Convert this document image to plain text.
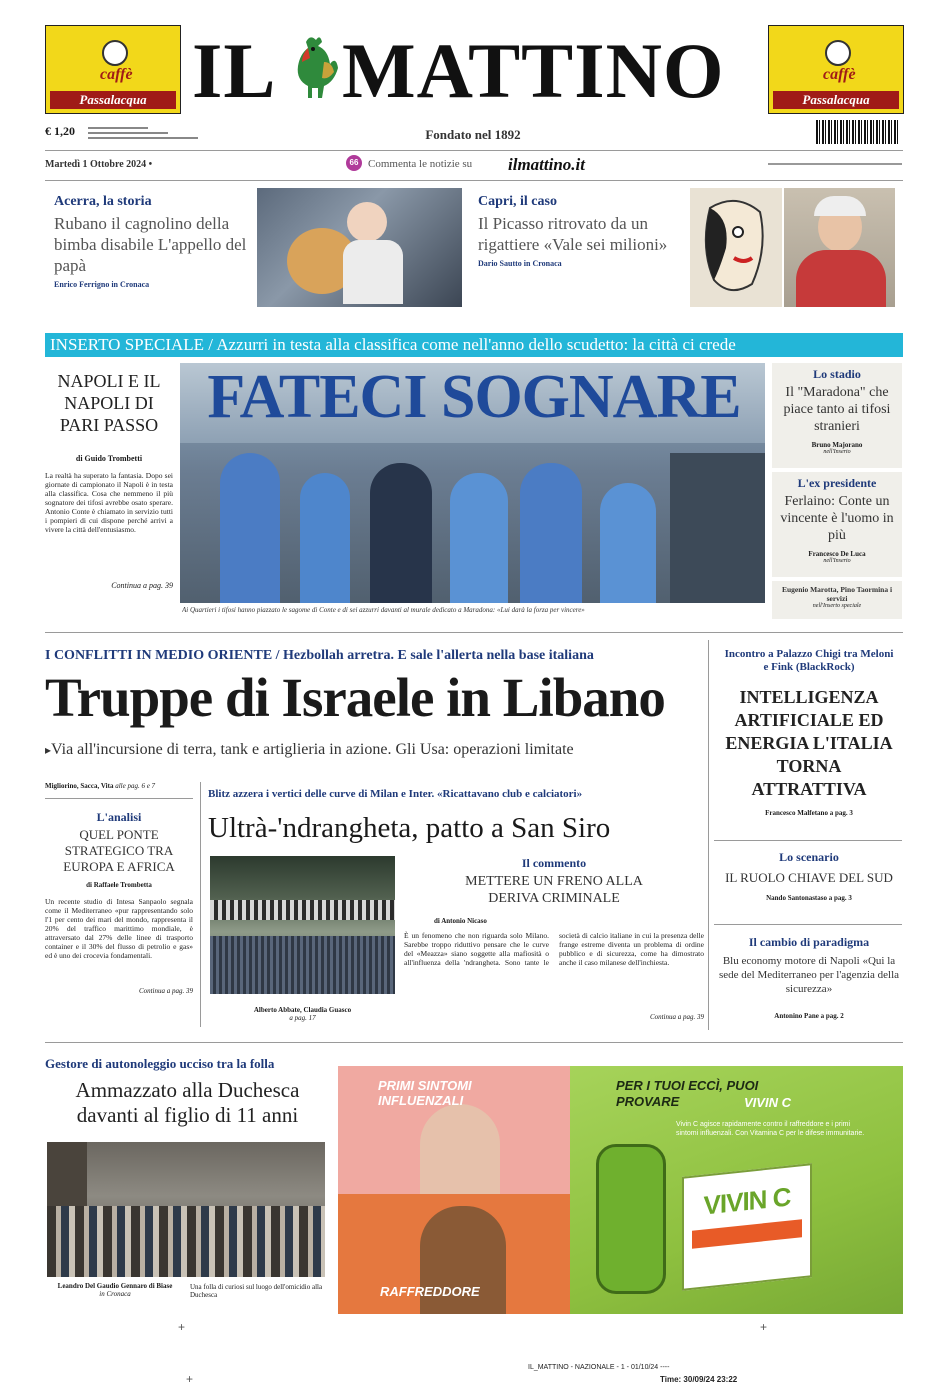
caffè
Passalacqua
caffè
Passalacqua
IL MATTINO
€ 1,20	Fondato nel 1892
Martedì 1 Ottobre 2024 •	66 Commenta le notizie su ilmattino.it
Acerra, la storia
Rubano il cagnolino della bimba disabile L'appello del papà
Enrico Ferrigno in Cronaca
Capri, il caso
Il Picasso ritrovato da un rigattiere «Vale sei milioni»
Dario Sautto in Cronaca
INSERTO SPECIALE / Azzurri in testa alla classifica come nell'anno dello scudetto: la città ci crede
NAPOLI E IL NAPOLI DI PARI PASSO
di Guido Trombetti
La realtà ha superato la fantasia. Dopo sei giornate di campionato il Napoli è in testa alla classifica. Cosa che nemmeno il più sognatore dei tifosi avrebbe osato sperare. Antonio Conte è chiamato in servizio tutti i pompieri di cui dispone perché arrivi a vivere la città dell'entusiasmo.
Continua a pag. 39
FATECI SOGNARE
Ai Quartieri i tifosi hanno piazzato le sagome di Conte e di sei azzurri davanti al murale dedicato a Maradona: «Lui darà la forza per vincere»
Lo stadio
Il "Maradona" che piace tanto ai tifosi stranieri
Bruno Majorano
nell'Inserto
L'ex presidente
Ferlaino: Conte un vincente è l'uomo in più
Francesco De Luca
nell'Inserto
Eugenio Marotta, Pino Taormina i servizi
nell'Inserto speciale
I CONFLITTI IN MEDIO ORIENTE / Hezbollah arretra. E sale l'allerta nella base italiana
Truppe di Israele in Libano
▸Via all'incursione di terra, tank e artiglieria in azione. Gli Usa: operazioni limitate
Migliorino, Sacca, Vita alle pag. 6 e 7
L'analisi
QUEL PONTE STRATEGICO TRA EUROPA E AFRICA
di Raffaele Trombetta
Un recente studio di Intesa Sanpaolo segnala come il Mediterraneo «pur rappresentando solo l'1 per cento dei mari del mondo, rappresenta il 20% del traffico marittimo mondiale, è attraversato dal 27% delle linee di trasporto container e il 30% del flusso di petrolio e gas» ed è uno dei crocevia fondamentali.
Continua a pag. 39
Blitz azzera i vertici delle curve di Milan e Inter. «Ricattavano club e calciatori»
Ultrà-'ndrangheta, patto a San Siro
Alberto Abbate, Claudia Guasco
a pag. 17
Il commento
METTERE UN FRENO ALLA DERIVA CRIMINALE
di Antonio Nicaso
È un fenomeno che non riguarda solo Milano. Sarebbe troppo riduttivo pensare che le curve del «Meazza» siano soggette alla mafiosità o all'influenza della 'ndrangheta. Sono tante le società di calcio italiane in cui la presenza delle frange estreme diventa un problema di ordine pubblico e di sicurezza, come ha dimostrato anche il caso milanese dell'inchiesta.
Continua a pag. 39
Incontro a Palazzo Chigi tra Meloni e Fink (BlackRock)
INTELLIGENZA ARTIFICIALE ED ENERGIA L'ITALIA TORNA ATTRATTIVA
Francesco Malfetano a pag. 3
Lo scenario
IL RUOLO CHIAVE DEL SUD
Nando Santonastaso a pag. 3
Il cambio di paradigma
Blu economy motore di Napoli «Qui la sede del Mediterraneo per l'agenzia della sicurezza»
Antonino Pane a pag. 2
Gestore di autonoleggio ucciso tra la folla
Ammazzato alla Duchesca davanti al figlio di 11 anni
Leandro Del Gaudio Gennaro di Biase
in Cronaca
Una folla di curiosi sul luogo dell'omicidio alla Duchesca
PRIMI SINTOMI INFLUENZALI
RAFFREDDORE
PER I TUOI ECCÌ, PUOI PROVARE	VIVIN C
Vivin C agisce rapidamente contro il raffreddore e i primi sintomi influenzali. Con Vitamina C per le difese immunitarie.
VIVIN C
+	+
+
IL_MATTINO - NAZIONALE - 1 - 01/10/24 ----
Time: 30/09/24 23:22
